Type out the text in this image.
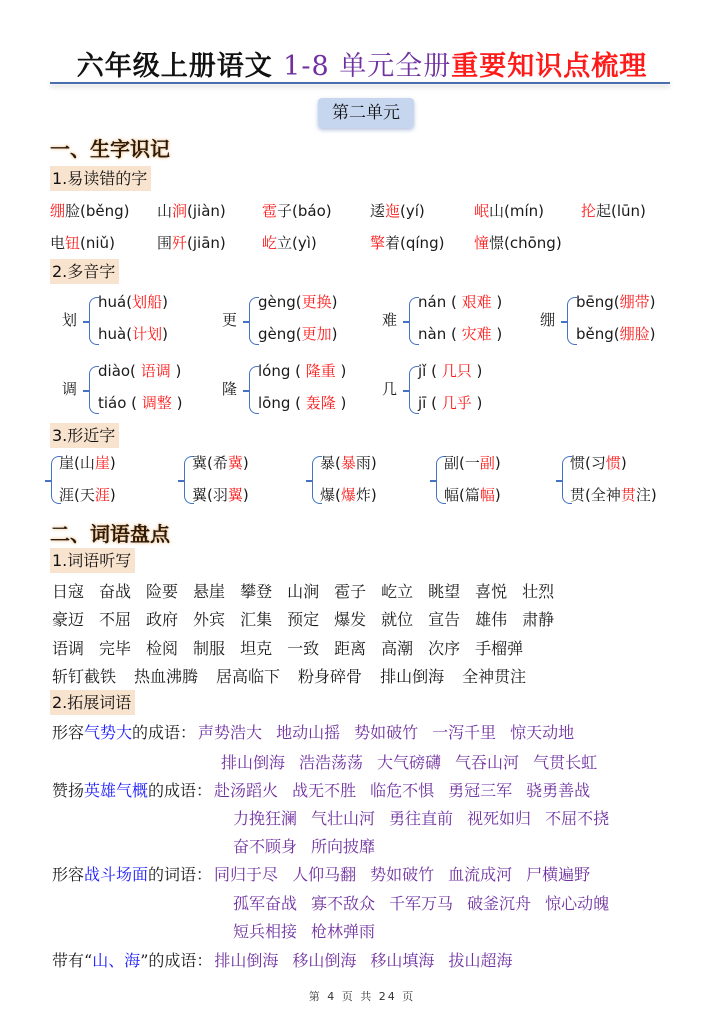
六年级上册语文 1-8 单元全册重要知识点梳理
第二单元
一、生字识记
1.易读错的字
绷脸(běng) 山涧(jiàn) 雹子(báo)	逶迤(yí)	岷山(mín) 抡起(lūn)
电钮(niǔ)	围歼(jiān) 屹立(yì)	擎着(qíng) 憧憬(chōng)
2.多音字
划
huá(划船)
huà(计划)
更
gèng(更换)
gèng(更加)
难
nán ( 艰难 )
nàn ( 灾难 )
绷
bēng(绷带)
běng(绷脸)
调
diào( 语调 )
tiáo ( 调整 )
隆
lóng ( 隆重 )
lōng ( 轰隆 )
几
jǐ ( 几只 )
jī ( 几乎 )
3.形近字
崖(山崖)
涯(天涯)
冀(希冀)
翼(羽翼)
暴(暴雨)
爆(爆炸)
副(一副)
幅(篇幅)
惯(习惯)
贯(全神贯注)
二、词语盘点
1.词语听写
日寇 奋战 险要 悬崖 攀登 山涧 雹子 屹立 眺望 喜悦 壮烈
豪迈 不屈 政府 外宾 汇集 预定 爆发 就位 宣告 雄伟 肃静
语调 完毕 检阅 制服 坦克 一致 距离 高潮 次序 手榴弹
斩钉截铁 热血沸腾 居高临下 粉身碎骨 排山倒海 全神贯注
2.拓展词语
形容气势大的成语： 声势浩大 地动山摇 势如破竹 一泻千里 惊天动地
排山倒海 浩浩荡荡 大气磅礴 气吞山河 气贯长虹
赞扬英雄气概的成语： 赴汤蹈火 战无不胜 临危不惧 勇冠三军 骁勇善战
力挽狂澜 气壮山河 勇往直前 视死如归 不屈不挠
奋不顾身 所向披靡
形容战斗场面的词语： 同归于尽 人仰马翻 势如破竹 血流成河 尸横遍野
孤军奋战 寡不敌众 千军万马 破釜沉舟 惊心动魄
短兵相接 枪林弹雨
带有“山、海”的成语： 排山倒海 移山倒海 移山填海 拔山超海
第 4 页 共 24 页
